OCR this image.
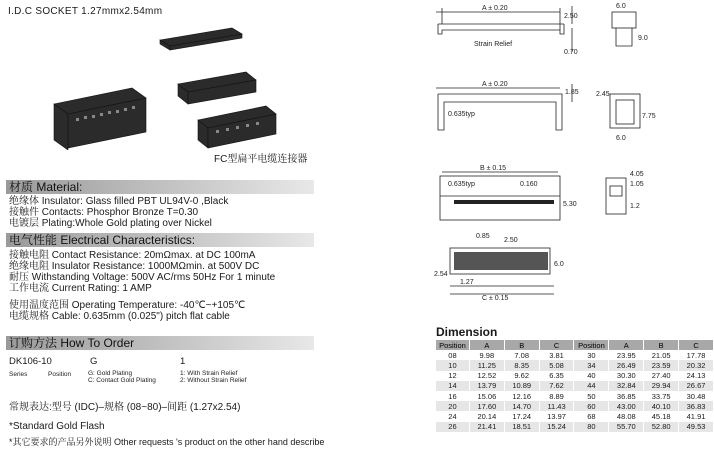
I.D.C SOCKET 1.27mmx2.54mm
FC型扁平电缆连接器
材质 Material:
绝缘体 Insulator: Glass filled PBT UL94V-0 ,Black
接触件 Contacts: Phosphor Bronze T=0.30
电镀层 Plating:Whole Gold plating over Nickel
电气性能 Electrical Characteristics:
接触电阻 Contact Resistance: 20mΩmax. at DC 100mA
绝缘电阻 Insulator Resistance: 1000MΩmin. at 500V DC
耐压 Withstanding Voltage: 500V AC/rms 50Hz For 1 minute
工作电流 Current Rating: 1 AMP
使用温度范围 Operating Temperature: -40℃~+105℃
电缆规格 Cable: 0.635mm (0.025") pitch flat cable
订购方法 How To Order
DK106-10	G	1
Series	Position	G: Gold Plating
C: Contact Gold Plating
1: With Strain Relief
2: Without Strain Relief
常规表达:型号 (IDC)–规格 (08~80)–间距 (1.27x2.54)
*Standard Gold Flash
*其它要求的产品另外说明 Other requests 's product on the other hand describe
A ± 0.20
Strain Relief
2.50
0.70
6.0
9.0
A ± 0.20
1.85
0.635typ
2.45
6.0
7.75
B ± 0.15
0.635typ	0.160
5.30
4.05
1.05
1.2
0.85
2.50
2.54
1.27
C ± 0.15
6.0
Dimension
Position	A	B	C	Position	A	B	C
08	9.98	7.08	3.81	30	23.95	21.05	17.78
10	11.25	8.35	5.08	34	26.49	23.59	20.32
12	12.52	9.62	6.35	40	30.30	27.40	24.13
14	13.79	10.89	7.62	44	32.84	29.94	26.67
16	15.06	12.16	8.89	50	36.85	33.75	30.48
20	17.60	14.70	11.43	60	43.00	40.10	36.83
24	20.14	17.24	13.97	68	48.08	45.18	41.91
26	21.41	18.51	15.24	80	55.70	52.80	49.53
